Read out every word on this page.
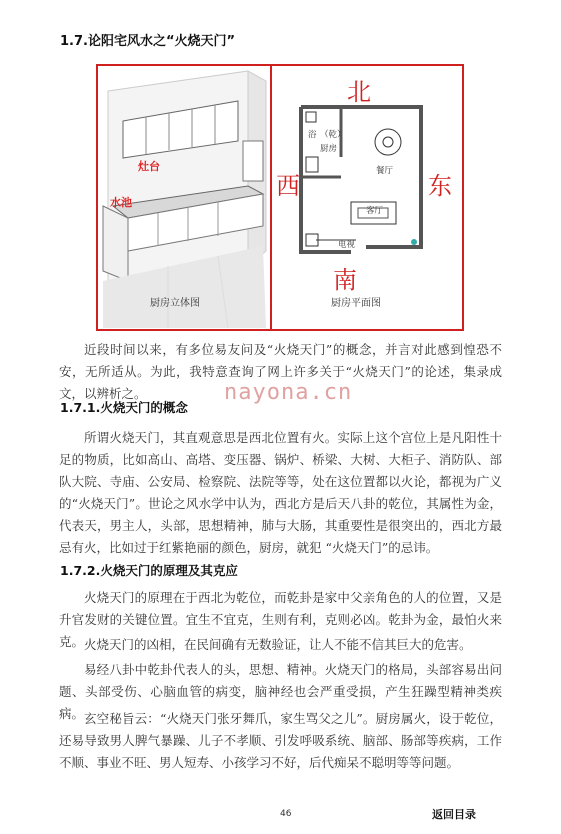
1.7.论阳宅风水之“火烧天门”
灶台
水池
厨房立体图
北
西	东
南
浴 （乾）
厨房
餐厅
客厅
电视
厨房平面图
近段时间以来，有多位易友问及“火烧天门”的概念，并言对此感到惶恐不安，无所适从。为此，我特意查询了网上许多关于“火烧天门”的论述，集录成文，以辨析之。
1.7.1.火烧天门的概念
nayona.cn
所谓火烧天门，其直观意思是西北位置有火。实际上这个宫位上是凡阳性十足的物质，比如高山、高塔、变压器、锅炉、桥梁、大树、大柜子、消防队、部队大院、寺庙、公安局、检察院、法院等等，处在这位置都以火论，都视为广义的“火烧天门”。世论之风水学中认为，西北方是后天八卦的乾位，其属性为金，代表天，男主人，头部，思想精神，肺与大肠，其重要性是很突出的，西北方最忌有火，比如过于红紫艳丽的颜色，厨房，就犯 “火烧天门”的忌讳。
1.7.2.火烧天门的原理及其克应
火烧天门的原理在于西北为乾位，而乾卦是家中父亲角色的人的位置，又是升官发财的关键位置。宜生不宜克，生则有利，克则必凶。乾卦为金，最怕火来克。 火烧天门的凶相，在民间确有无数验证，让人不能不信其巨大的危害。
易经八卦中乾卦代表人的头，思想、精神。火烧天门的格局，头部容易出问题、头部受伤、心脑血管的病变，脑神经也会严重受损，产生狂躁型精神类疾病。 玄空秘旨云：“火烧天门张牙舞爪，家生骂父之儿”。厨房属火，设于乾位，还易导致男人脾气暴躁、儿子不孝顺、引发呼吸系统、脑部、肠部等疾病，工作不顺、事业不旺、男人短寿、小孩学习不好，后代痴呆不聪明等等问题。
46	返回目录
